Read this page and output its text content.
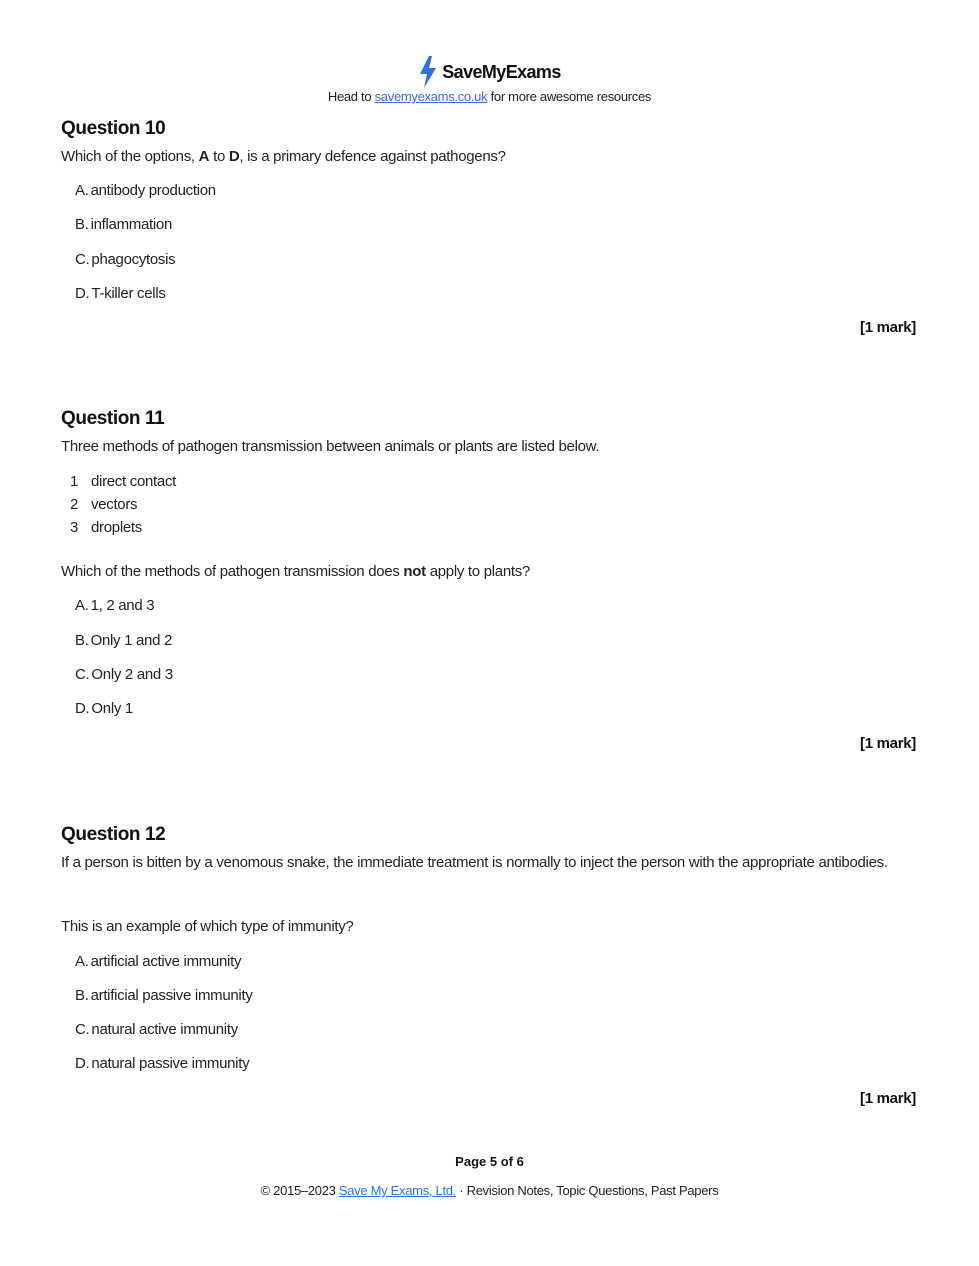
SaveMyExams
Head to savemyexams.co.uk for more awesome resources
Question 10
Which of the options, A to D, is a primary defence against pathogens?
A. antibody production
B. inflammation
C. phagocytosis
D. T-killer cells
[1 mark]
Question 11
Three methods of pathogen transmission between animals or plants are listed below.
1 direct contact
2 vectors
3 droplets
Which of the methods of pathogen transmission does not apply to plants?
A. 1, 2 and 3
B. Only 1 and 2
C. Only 2 and 3
D. Only 1
[1 mark]
Question 12
If a person is bitten by a venomous snake, the immediate treatment is normally to inject the person with the appropriate antibodies.
This is an example of which type of immunity?
A. artificial active immunity
B. artificial passive immunity
C. natural active immunity
D. natural passive immunity
[1 mark]
Page 5 of 6
© 2015–2023 Save My Exams, Ltd. · Revision Notes, Topic Questions, Past Papers
